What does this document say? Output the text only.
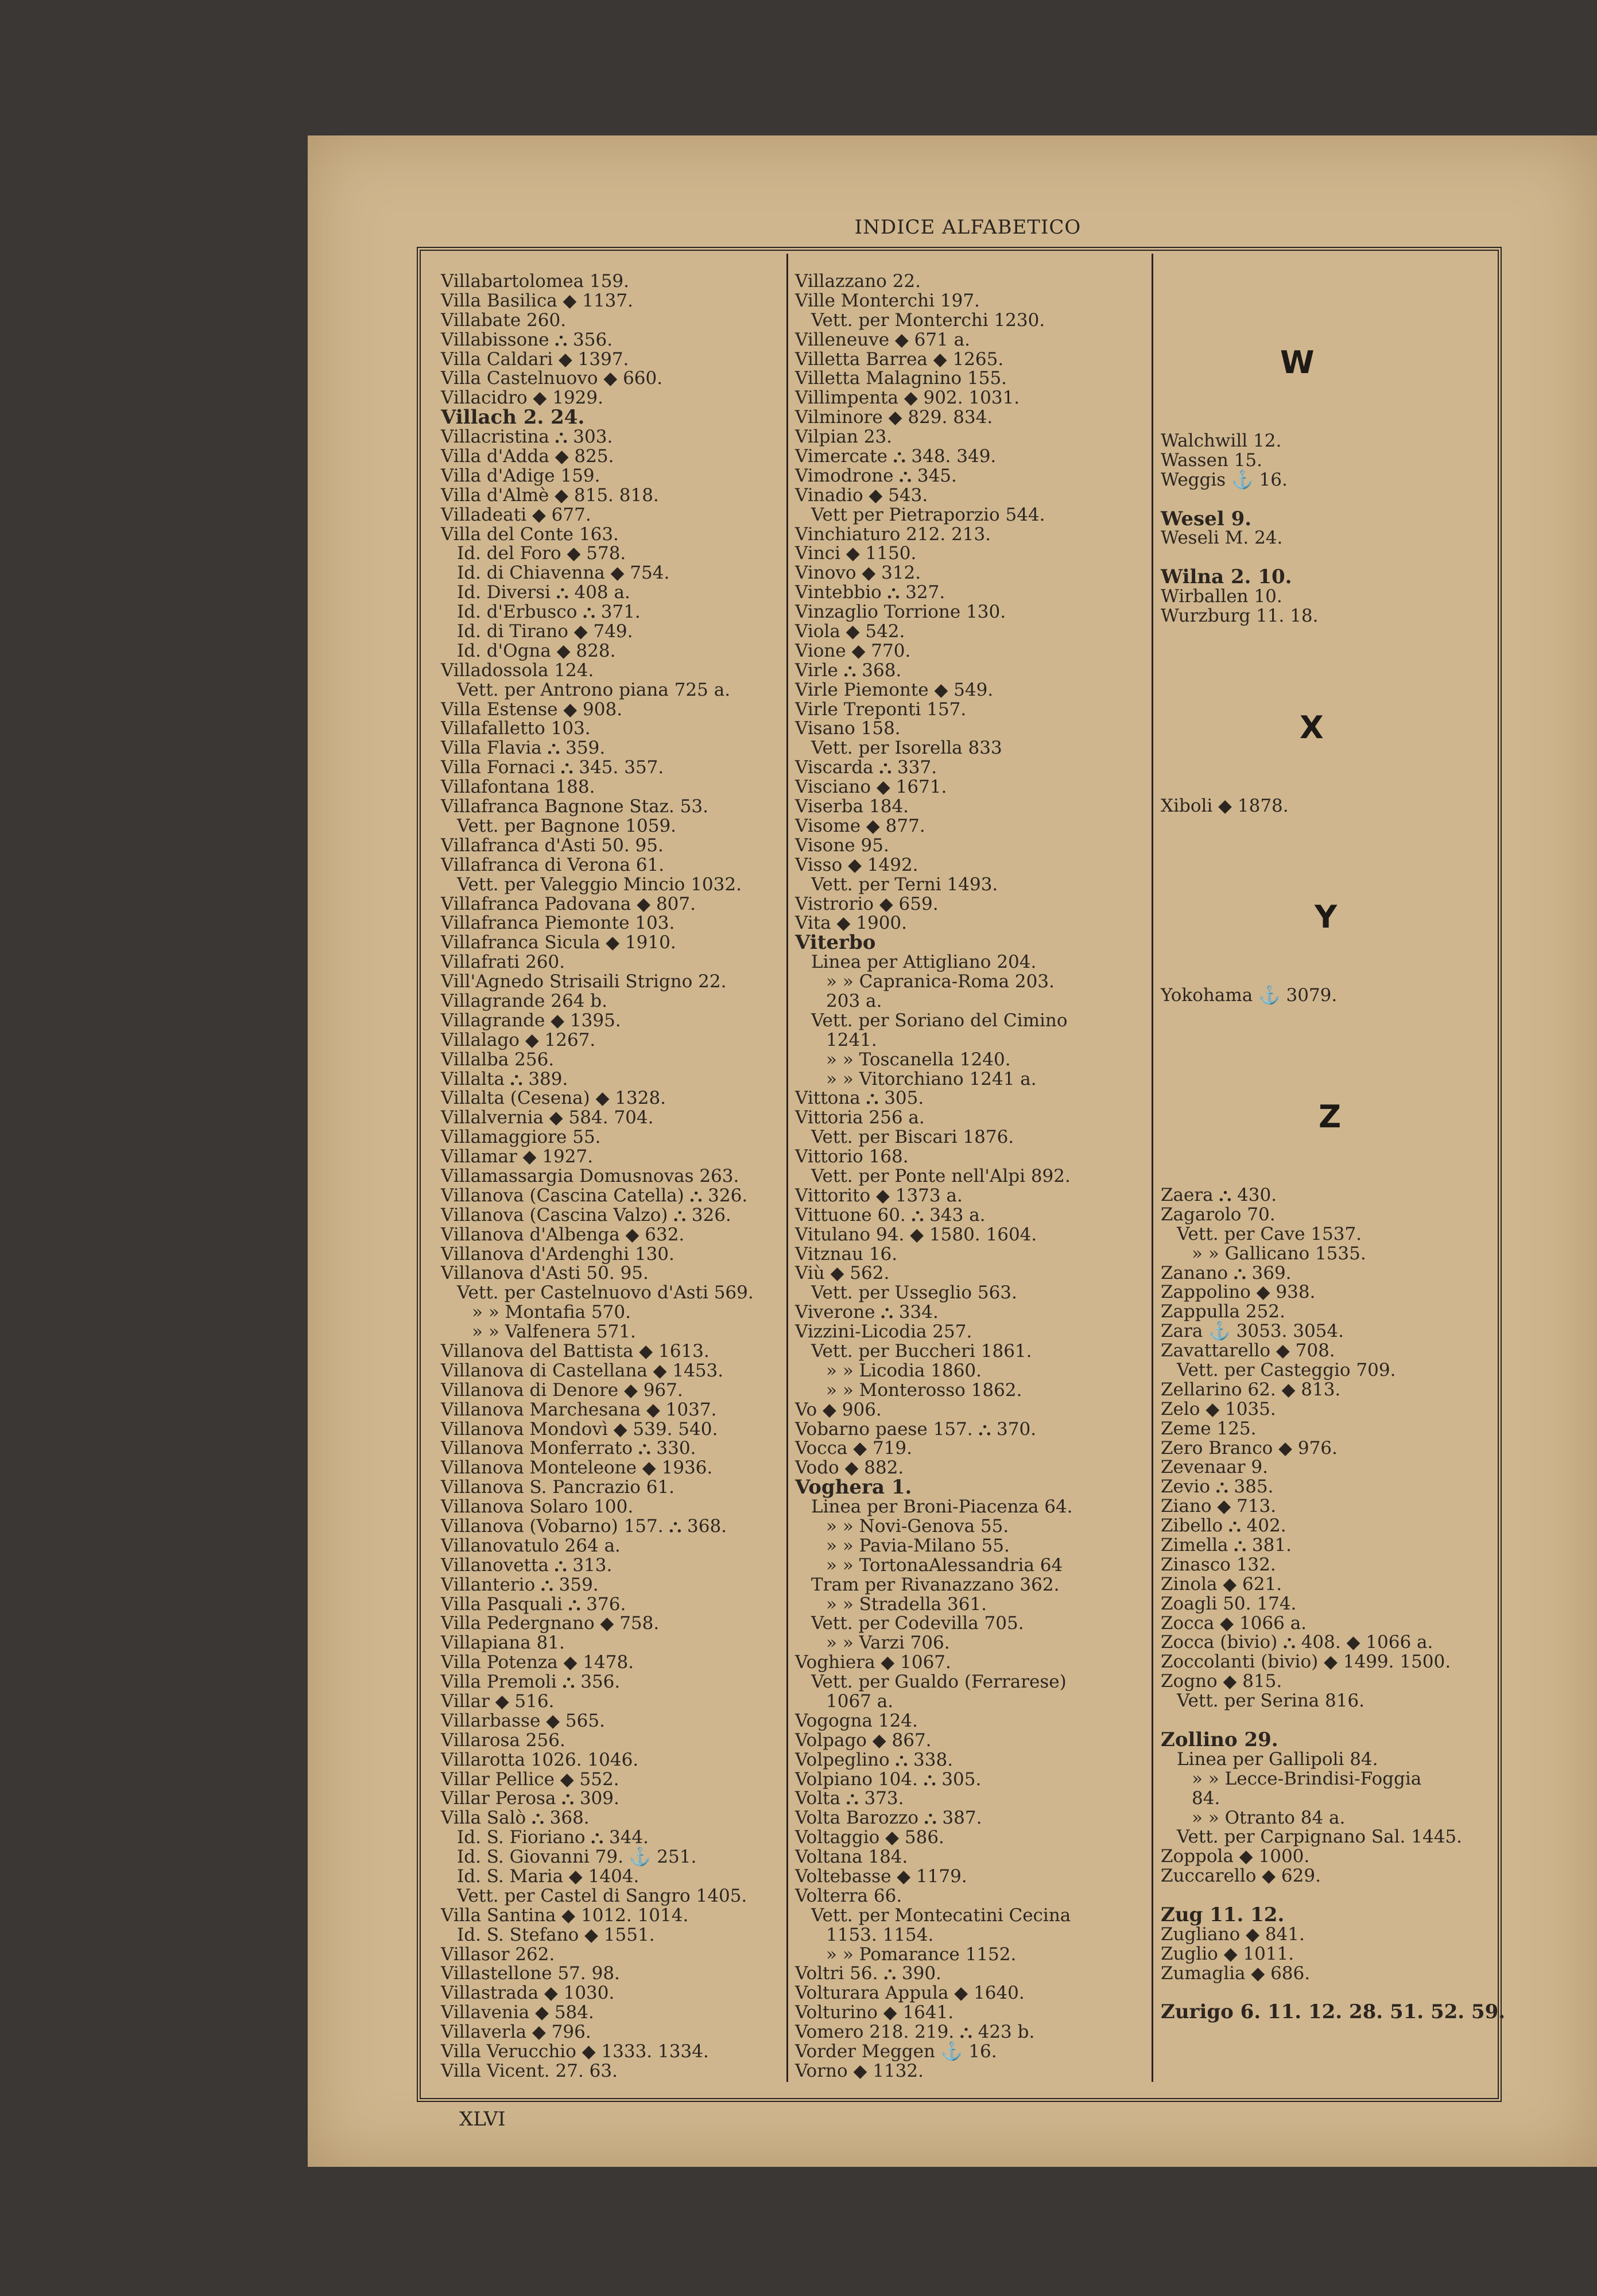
INDICE ALFABETICO
Villabartolomea 159.
Villa Basilica ◆ 1137.
Villabate 260.
Villabissone ⛬ 356.
Villa Caldari ◆ 1397.
Villa Castelnuovo ◆ 660.
Villacidro ◆ 1929.
Villach 2. 24.
Villacristina ⛬ 303.
Villa d'Adda ◆ 825.
Villa d'Adige 159.
Villa d'Almè ◆ 815. 818.
Villadeati ◆ 677.
Villa del Conte 163.
Id. del Foro ◆ 578.
Id. di Chiavenna ◆ 754.
Id. Diversi ⛬ 408 a.
Id. d'Erbusco ⛬ 371.
Id. di Tirano ◆ 749.
Id. d'Ogna ◆ 828.
Villadossola 124.
Vett. per Antrono piana 725 a.
Villa Estense ◆ 908.
Villafalletto 103.
Villa Flavia ⛬ 359.
Villa Fornaci ⛬ 345. 357.
Villafontana 188.
Villafranca Bagnone Staz. 53.
Vett. per Bagnone 1059.
Villafranca d'Asti 50. 95.
Villafranca di Verona 61.
Vett. per Valeggio Mincio 1032.
Villafranca Padovana ◆ 807.
Villafranca Piemonte 103.
Villafranca Sicula ◆ 1910.
Villafrati 260.
Vill'Agnedo Strisaili Strigno 22.
Villagrande 264 b.
Villagrande ◆ 1395.
Villalago ◆ 1267.
Villalba 256.
Villalta ⛬ 389.
Villalta (Cesena) ◆ 1328.
Villalvernia ◆ 584. 704.
Villamaggiore 55.
Villamar ◆ 1927.
Villamassargia Domusnovas 263.
Villanova (Cascina Catella) ⛬ 326.
Villanova (Cascina Valzo) ⛬ 326.
Villanova d'Albenga ◆ 632.
Villanova d'Ardenghi 130.
Villanova d'Asti 50. 95.
Vett. per Castelnuovo d'Asti 569.
» » Montafia 570.
» » Valfenera 571.
Villanova del Battista ◆ 1613.
Villanova di Castellana ◆ 1453.
Villanova di Denore ◆ 967.
Villanova Marchesana ◆ 1037.
Villanova Mondovì ◆ 539. 540.
Villanova Monferrato ⛬ 330.
Villanova Monteleone ◆ 1936.
Villanova S. Pancrazio 61.
Villanova Solaro 100.
Villanova (Vobarno) 157. ⛬ 368.
Villanovatulo 264 a.
Villanovetta ⛬ 313.
Villanterio ⛬ 359.
Villa Pasquali ⛬ 376.
Villa Pedergnano ◆ 758.
Villapiana 81.
Villa Potenza ◆ 1478.
Villa Premoli ⛬ 356.
Villar ◆ 516.
Villarbasse ◆ 565.
Villarosa 256.
Villarotta 1026. 1046.
Villar Pellice ◆ 552.
Villar Perosa ⛬ 309.
Villa Salò ⛬ 368.
Id. S. Fioriano ⛬ 344.
Id. S. Giovanni 79. ⚓ 251.
Id. S. Maria ◆ 1404.
Vett. per Castel di Sangro 1405.
Villa Santina ◆ 1012. 1014.
Id. S. Stefano ◆ 1551.
Villasor 262.
Villastellone 57. 98.
Villastrada ◆ 1030.
Villavenia ◆ 584.
Villaverla ◆ 796.
Villa Verucchio ◆ 1333. 1334.
Villa Vicent. 27. 63.
Villazzano 22.
Ville Monterchi 197.
Vett. per Monterchi 1230.
Villeneuve ◆ 671 a.
Villetta Barrea ◆ 1265.
Villetta Malagnino 155.
Villimpenta ◆ 902. 1031.
Vilminore ◆ 829. 834.
Vilpian 23.
Vimercate ⛬ 348. 349.
Vimodrone ⛬ 345.
Vinadio ◆ 543.
Vett per Pietraporzio 544.
Vinchiaturo 212. 213.
Vinci ◆ 1150.
Vinovo ◆ 312.
Vintebbio ⛬ 327.
Vinzaglio Torrione 130.
Viola ◆ 542.
Vione ◆ 770.
Virle ⛬ 368.
Virle Piemonte ◆ 549.
Virle Treponti 157.
Visano 158.
Vett. per Isorella 833
Viscarda ⛬ 337.
Visciano ◆ 1671.
Viserba 184.
Visome ◆ 877.
Visone 95.
Visso ◆ 1492.
Vett. per Terni 1493.
Vistrorio ◆ 659.
Vita ◆ 1900.
Viterbo
Linea per Attigliano 204.
» » Capranica-Roma 203.
203 a.
Vett. per Soriano del Cimino
1241.
» » Toscanella 1240.
» » Vitorchiano 1241 a.
Vittona ⛬ 305.
Vittoria 256 a.
Vett. per Biscari 1876.
Vittorio 168.
Vett. per Ponte nell'Alpi 892.
Vittorito ◆ 1373 a.
Vittuone 60. ⛬ 343 a.
Vitulano 94. ◆ 1580. 1604.
Vitznau 16.
Viù ◆ 562.
Vett. per Usseglio 563.
Viverone ⛬ 334.
Vizzini-Licodia 257.
Vett. per Buccheri 1861.
» » Licodia 1860.
» » Monterosso 1862.
Vo ◆ 906.
Vobarno paese 157. ⛬ 370.
Vocca ◆ 719.
Vodo ◆ 882.
Voghera 1.
Linea per Broni-Piacenza 64.
» » Novi-Genova 55.
» » Pavia-Milano 55.
» » TortonaAlessandria 64
Tram per Rivanazzano 362.
» » Stradella 361.
Vett. per Codevilla 705.
» » Varzi 706.
Voghiera ◆ 1067.
Vett. per Gualdo (Ferrarese)
1067 a.
Vogogna 124.
Volpago ◆ 867.
Volpeglino ⛬ 338.
Volpiano 104. ⛬ 305.
Volta ⛬ 373.
Volta Barozzo ⛬ 387.
Voltaggio ◆ 586.
Voltana 184.
Voltebasse ◆ 1179.
Volterra 66.
Vett. per Montecatini Cecina
1153. 1154.
» » Pomarance 1152.
Voltri 56. ⛬ 390.
Volturara Appula ◆ 1640.
Volturino ◆ 1641.
Vomero 218. 219. ⛬ 423 b.
Vorder Meggen ⚓ 16.
Vorno ◆ 1132.
W
Walchwill 12.
Wassen 15.
Weggis ⚓ 16.
Wesel 9.
Weseli M. 24.
Wilna 2. 10.
Wirballen 10.
Wurzburg 11. 18.
X
Xiboli ◆ 1878.
Y
Yokohama ⚓ 3079.
Z
Zaera ⛬ 430.
Zagarolo 70.
Vett. per Cave 1537.
» » Gallicano 1535.
Zanano ⛬ 369.
Zappolino ◆ 938.
Zappulla 252.
Zara ⚓ 3053. 3054.
Zavattarello ◆ 708.
Vett. per Casteggio 709.
Zellarino 62. ◆ 813.
Zelo ◆ 1035.
Zeme 125.
Zero Branco ◆ 976.
Zevenaar 9.
Zevio ⛬ 385.
Ziano ◆ 713.
Zibello ⛬ 402.
Zimella ⛬ 381.
Zinasco 132.
Zinola ◆ 621.
Zoagli 50. 174.
Zocca ◆ 1066 a.
Zocca (bivio) ⛬ 408. ◆ 1066 a.
Zoccolanti (bivio) ◆ 1499. 1500.
Zogno ◆ 815.
Vett. per Serina 816.
Zollino 29.
Linea per Gallipoli 84.
» » Lecce-Brindisi-Foggia
84.
» » Otranto 84 a.
Vett. per Carpignano Sal. 1445.
Zoppola ◆ 1000.
Zuccarello ◆ 629.
Zug 11. 12.
Zugliano ◆ 841.
Zuglio ◆ 1011.
Zumaglia ◆ 686.
Zurigo 6. 11. 12. 28. 51. 52. 59.
XLVI
